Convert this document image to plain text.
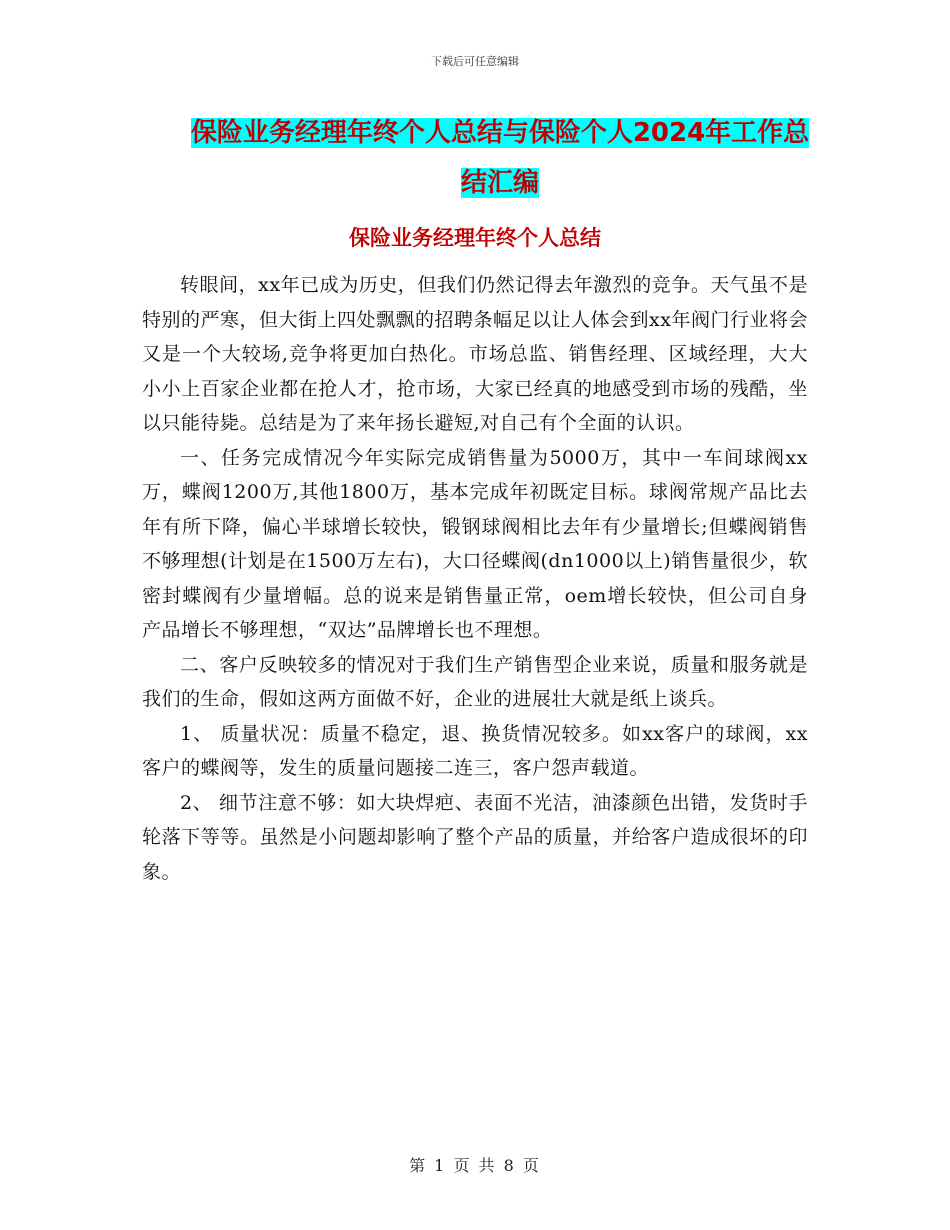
下载后可任意编辑
保险业务经理年终个人总结与保险个人2024年工作总
结汇编
保险业务经理年终个人总结

转眼间，xx年已成为历史，但我们仍然记得去年激烈的竞争。天气虽不是特别的严寒，但大街上四处飘飘的招聘条幅足以让人体会到xx年阀门行业将会又是一个大较场,竞争将更加白热化。市场总监、销售经理、区域经理，大大小小上百家企业都在抢人才，抢市场，大家已经真的地感受到市场的残酷，坐以只能待毙。总结是为了来年扬长避短,对自己有个全面的认识。

一、任务完成情况今年实际完成销售量为5000万，其中一车间球阀xx万，蝶阀1200万,其他1800万，基本完成年初既定目标。球阀常规产品比去年有所下降，偏心半球增长较快，锻钢球阀相比去年有少量增长;但蝶阀销售不够理想(计划是在1500万左右)，大口径蝶阀(dn1000以上)销售量很少，软密封蝶阀有少量增幅。总的说来是销售量正常，oem增长较快，但公司自身产品增长不够理想，“双达”品牌增长也不理想。

二、客户反映较多的情况对于我们生产销售型企业来说，质量和服务就是我们的生命，假如这两方面做不好，企业的进展壮大就是纸上谈兵。

1、 质量状况：质量不稳定，退、换货情况较多。如xx客户的球阀，xx客户的蝶阀等，发生的质量问题接二连三，客户怨声载道。

2、 细节注意不够：如大块焊疤、表面不光洁，油漆颜色出错，发货时手轮落下等等。虽然是小问题却影响了整个产品的质量，并给客户造成很坏的印象。

第 1 页 共 8 页
